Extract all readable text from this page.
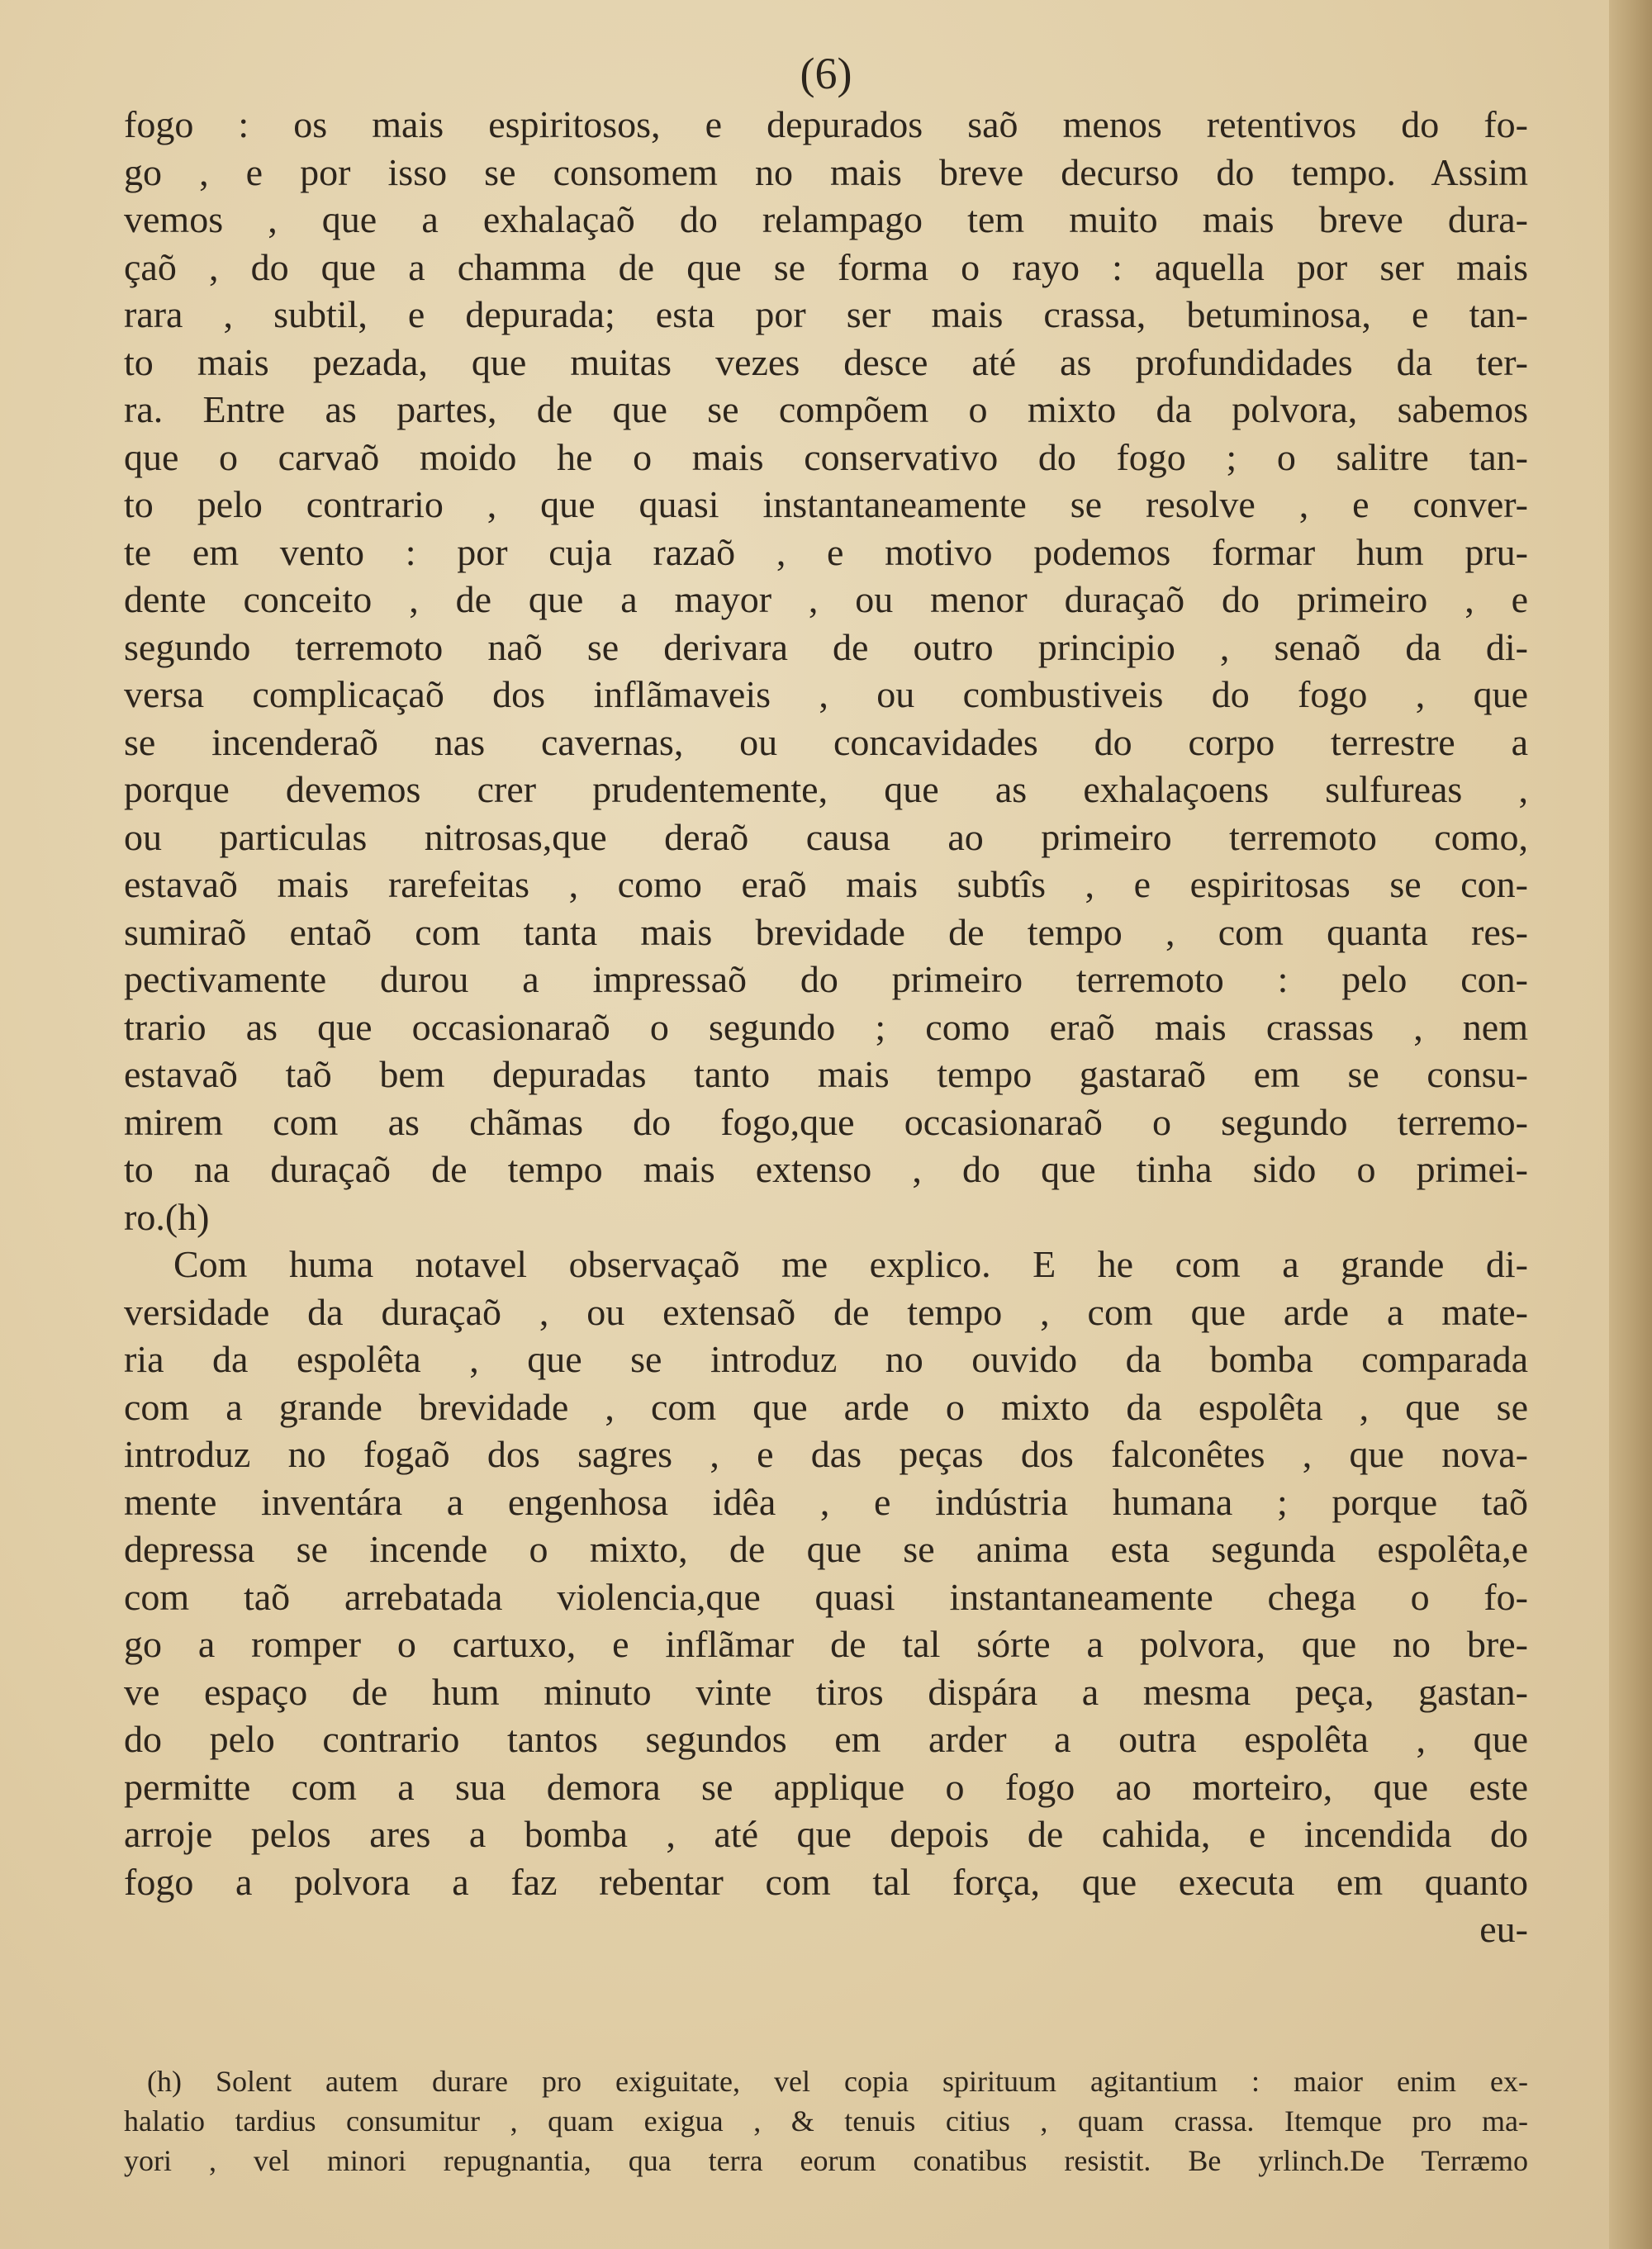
(6)
fogo : os mais espiritosos, e depurados saõ menos retentivos do fo-
go , e por isso se consomem no mais breve decurso do tempo. Assim
vemos , que a exhalaçaõ do relampago tem muito mais breve dura-
çaõ , do que a chamma de que se forma o rayo : aquella por ser mais
rara , subtil, e depurada; esta por ser mais crassa, betuminosa, e tan-
to mais pezada, que muitas vezes desce até as profundidades da ter-
ra. Entre as partes, de que se compõem o mixto da polvora, sabemos
que o carvaõ moido he o mais conservativo do fogo ; o salitre tan-
to pelo contrario , que quasi instantaneamente se resolve , e conver-
te em vento : por cuja razaõ , e motivo podemos formar hum pru-
dente conceito , de que a mayor , ou menor duraçaõ do primeiro , e
segundo terremoto naõ se derivara de outro principio , senaõ da di-
versa complicaçaõ dos inflãmaveis , ou combustiveis do fogo , que
se incenderaõ nas cavernas, ou concavidades do corpo terrestre a
porque devemos crer prudentemente, que as exhalaçoens sulfureas ,
ou particulas nitrosas,que deraõ causa ao primeiro terremoto como,
estavaõ mais rarefeitas , como eraõ mais subtîs , e espiritosas se con-
sumiraõ entaõ com tanta mais brevidade de tempo , com quanta res-
pectivamente durou a impressaõ do primeiro terremoto : pelo con-
trario as que occasionaraõ o segundo ; como eraõ mais crassas , nem
estavaõ taõ bem depuradas tanto mais tempo gastaraõ em se consu-
mirem com as chãmas do fogo,que occasionaraõ o segundo terremo-
to na duraçaõ de tempo mais extenso , do que tinha sido o primei-
ro.(h)
Com huma notavel observaçaõ me explico. E he com a grande di-
versidade da duraçaõ , ou extensaõ de tempo , com que arde a mate-
ria da espolêta , que se introduz no ouvido da bomba comparada
com a grande brevidade , com que arde o mixto da espolêta , que se
introduz no fogaõ dos sagres , e das peças dos falconêtes , que nova-
mente inventára a engenhosa idêa , e indústria humana ; porque taõ
depressa se incende o mixto, de que se anima esta segunda espolêta,e
com taõ arrebatada violencia,que quasi instantaneamente chega o fo-
go a romper o cartuxo, e inflãmar de tal sórte a polvora, que no bre-
ve espaço de hum minuto vinte tiros dispára a mesma peça, gastan-
do pelo contrario tantos segundos em arder a outra espolêta , que
permitte com a sua demora se applique o fogo ao morteiro, que este
arroje pelos ares a bomba , até que depois de cahida, e incendida do
fogo a polvora a faz rebentar com tal força, que executa em quanto
eu-
(h) Solent autem durare pro exiguitate, vel copia spirituum agitantium : maior enim ex-
halatio tardius consumitur , quam exigua , & tenuis citius , quam crassa. Itemque pro ma-
yori , vel minori repugnantia, qua terra eorum conatibus resistit. Be yrlinch.De Terræmo
